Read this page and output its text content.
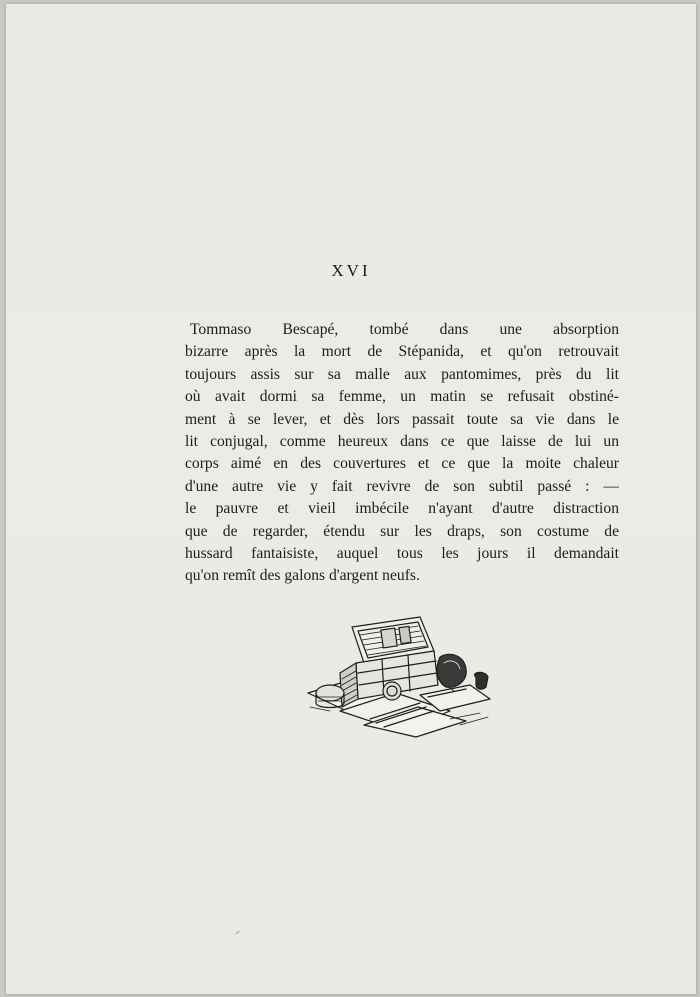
XVI
Tommaso Bescapé, tombé dans une absorption
bizarre après la mort de Stépanida, et qu'on retrouvait
toujours assis sur sa malle aux pantomimes, près du lit
où avait dormi sa femme, un matin se refusait obstiné-
ment à se lever, et dès lors passait toute sa vie dans le
lit conjugal, comme heureux dans ce que laisse de lui un
corps aimé en des couvertures et ce que la moite chaleur
d'une autre vie y fait revivre de son subtil passé : —
le pauvre et vieil imbécile n'ayant d'autre distraction
que de regarder, étendu sur les draps, son costume de
hussard fantaisiste, auquel tous les jours il demandait
qu'on remît des galons d'argent neufs.
